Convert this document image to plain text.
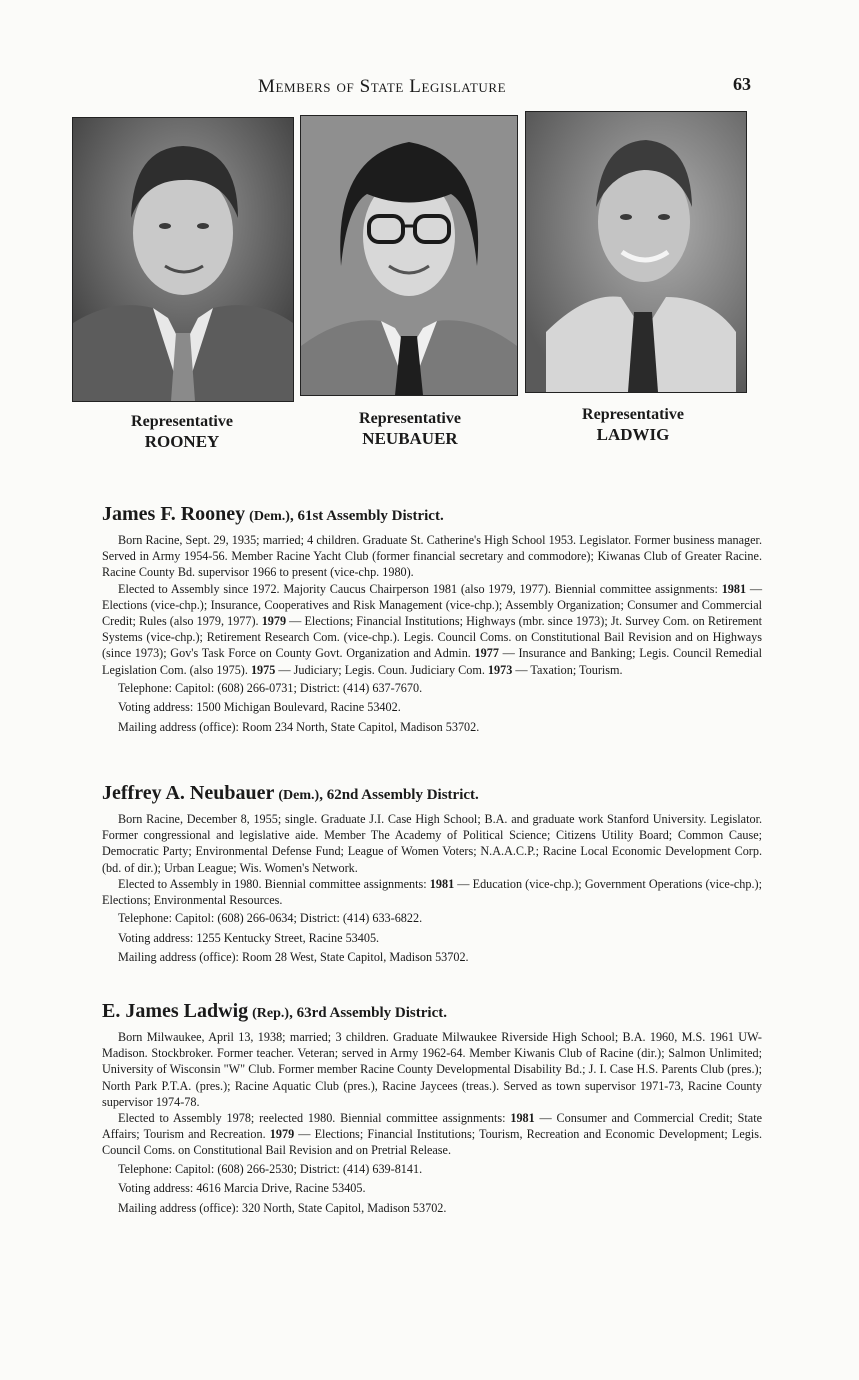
Members of State Legislature	63
Representative
ROONEY
Representative
NEUBAUER
Representative
LADWIG
James F. Rooney (Dem.), 61st Assembly District.

Born Racine, Sept. 29, 1935; married; 4 children. Graduate St. Catherine's High School 1953. Legislator. Former business manager. Served in Army 1954-56. Member Racine Yacht Club (former financial secretary and commodore); Kiwanas Club of Greater Racine. Racine County Bd. supervisor 1966 to present (vice-chp. 1980).

Elected to Assembly since 1972. Majority Caucus Chairperson 1981 (also 1979, 1977). Biennial committee assignments: 1981 — Elections (vice-chp.); Insurance, Cooperatives and Risk Management (vice-chp.); Assembly Organization; Consumer and Commercial Credit; Rules (also 1979, 1977). 1979 — Elections; Financial Institutions; Highways (mbr. since 1973); Jt. Survey Com. on Retirement Systems (vice-chp.); Retirement Research Com. (vice-chp.). Legis. Council Coms. on Constitutional Bail Revision and on Highways (since 1973); Gov's Task Force on County Govt. Organization and Admin. 1977 — Insurance and Banking; Legis. Council Remedial Legislation Com. (also 1975). 1975 — Judiciary; Legis. Coun. Judiciary Com. 1973 — Taxation; Tourism.

Telephone: Capitol: (608) 266-0731; District: (414) 637-7670.

Voting address: 1500 Michigan Boulevard, Racine 53402.

Mailing address (office): Room 234 North, State Capitol, Madison 53702.

Jeffrey A. Neubauer (Dem.), 62nd Assembly District.

Born Racine, December 8, 1955; single. Graduate J.I. Case High School; B.A. and graduate work Stanford University. Legislator. Former congressional and legislative aide. Member The Academy of Political Science; Citizens Utility Board; Common Cause; Democratic Party; Environmental Defense Fund; League of Women Voters; N.A.A.C.P.; Racine Local Economic Development Corp. (bd. of dir.); Urban League; Wis. Women's Network.

Elected to Assembly in 1980. Biennial committee assignments: 1981 — Education (vice-chp.); Government Operations (vice-chp.); Elections; Environmental Resources.

Telephone: Capitol: (608) 266-0634; District: (414) 633-6822.

Voting address: 1255 Kentucky Street, Racine 53405.

Mailing address (office): Room 28 West, State Capitol, Madison 53702.

E. James Ladwig (Rep.), 63rd Assembly District.

Born Milwaukee, April 13, 1938; married; 3 children. Graduate Milwaukee Riverside High School; B.A. 1960, M.S. 1961 UW-Madison. Stockbroker. Former teacher. Veteran; served in Army 1962-64. Member Kiwanis Club of Racine (dir.); Salmon Unlimited; University of Wisconsin "W" Club. Former member Racine County Developmental Disability Bd.; J. I. Case H.S. Parents Club (pres.); North Park P.T.A. (pres.); Racine Aquatic Club (pres.), Racine Jaycees (treas.). Served as town supervisor 1971-73, Racine County supervisor 1974-78.

Elected to Assembly 1978; reelected 1980. Biennial committee assignments: 1981 — Consumer and Commercial Credit; State Affairs; Tourism and Recreation. 1979 — Elections; Financial Institutions; Tourism, Recreation and Economic Development; Legis. Council Coms. on Constitutional Bail Revision and on Pretrial Release.

Telephone: Capitol: (608) 266-2530; District: (414) 639-8141.

Voting address: 4616 Marcia Drive, Racine 53405.

Mailing address (office): 320 North, State Capitol, Madison 53702.
